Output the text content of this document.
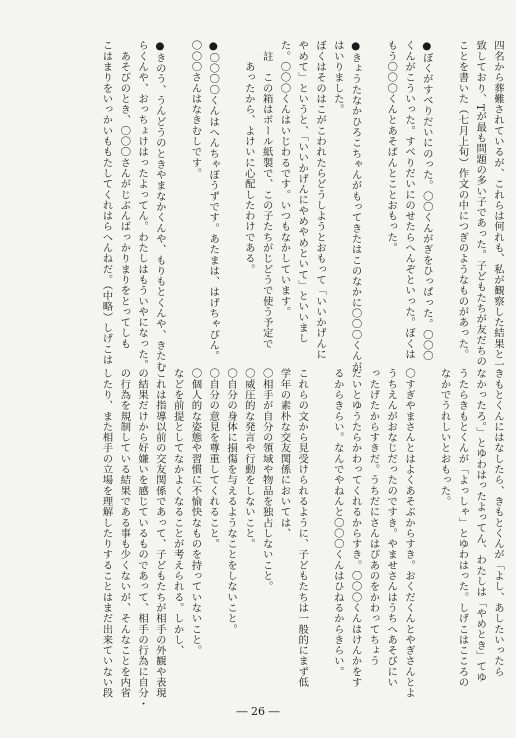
四名から葬難されているが、これらは何れも、私が観察した結果と一
致しており、Tが最も問題の多い子であった。子どもたちが友だちの
ことを書いた（七月上旬）作文の中につぎのようなものがあった。

●ぼくがすべりだいにのった。〇〇くんがぎをひっぱった。〇〇〇
くんがこういった。すべりだいにのせたらへんぞといった。ぼくは
もう〇〇〇くんとあそばんとことおもった。

●きょうたなかひろこちゃんがもってきたはこのなかに〇〇〇くんが
はいりました。
ぼくはそのはこがこわれたらどうしようとおもって「いいかげんに
やめて」というと、「いいかげんにやめやめといて」といいまし
た。〇〇〇くんはいじわるです。いつもなかしています。
　註　この箱はボール紙製で、この子たちがじどうで使う予定で
　　あったから、よけいに心配したわけである。

●〇〇〇〇くんはへんちゃぼうずです。あたまは、はげちゃぴん。
〇〇〇さんはなきむしです。

●きのう、うんどうのときやまなかくんや、もりもとくんや、きたむ
らくんや、おっちょけはったよってん。わたしはもういやになった。
　あそびのとき、〇〇〇さんがじぶんばっかりまりをとってしも
こはまりをいっかいももたしてくれはらへんねだ。（中略）しげこは
きもとくんにはなしたら、きもとくんが「よし、あしたいったら
なかったろ。」とゆわはったよってん、わたしは「やめとき」てゆ
うたらきもとくんが「よっしゃ」とゆわはった。しげこはこころの
なかでうれしいとおもった。

〇すぎやまさんとはよくあそぶからすき。おくだくんとやぎさんとよ
うちえんがおなじだったのですき。やませさんはうちへあそびにい
ったげたからすきだ。うちだにさんはぴあのをかわってちょう
だいとゆうたらかわってくれるからすき。〇〇〇くんはけんかをす
るからきらい。なんでやねんと〇〇〇くんはひねるからきらい。

これらの文から見受けられるように、子どもたちは一般的にまず低
学年の素朴な交友関係においては、
〇相手が自分の領域や物品を独占しないこと。
〇威圧的な発言や行動をしないこと。
〇自分の身体に損傷を与えるようなことをしないこと。
〇自分の意見を尊重してくれること。
〇個人的な姿態や習慣に不愉快なものを持っていないこと。
などを前提としてなかよくなることが考えられる。しかし、
これは指導以前の交友関係であって、子どもたちが相手の外観や表現
の結果だけから好嫌いを感じているものであって、相手の行為に自分・
の行為を規制している結果である事も少くないが、そんなことを内省
したり、また相手の立場を理解したりすることはまだ出来ていない段
― 26 ―
